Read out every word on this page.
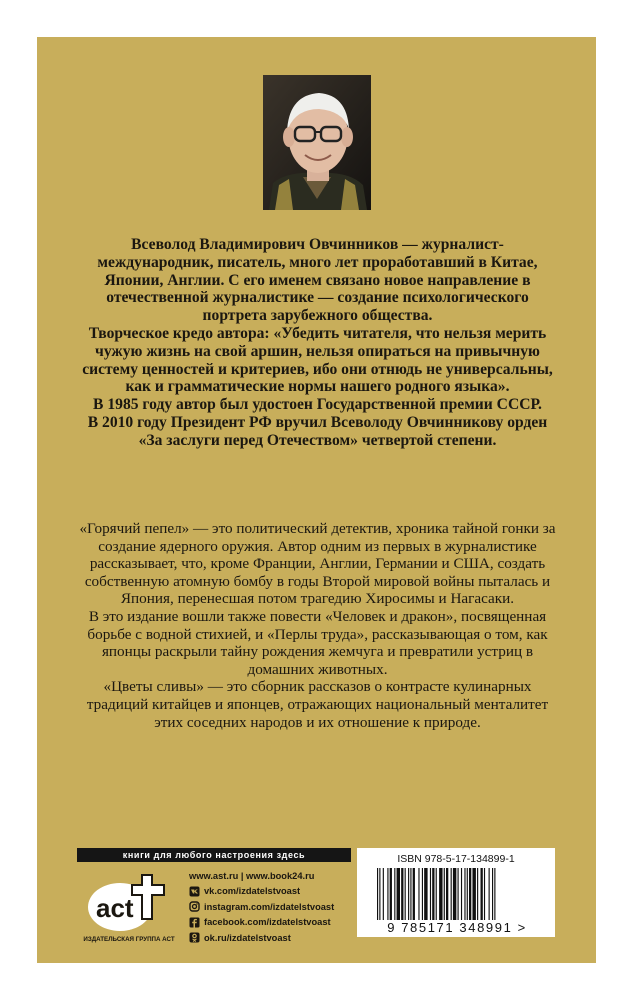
Всеволод Владимирович Овчинников — журналист-международник, писатель, много лет проработавший в Китае, Японии, Англии. С его именем связано новое направление в отечественной журналистике — создание психологического портрета зарубежного общества.

Творческое кредо автора: «Убедить читателя, что нельзя мерить чужую жизнь на свой аршин, нельзя опираться на привычную систему ценностей и критериев, ибо они отнюдь не универсальны, как и грамматические нормы нашего родного языка».

В 1985 году автор был удостоен Государственной премии СССР.

В 2010 году Президент РФ вручил Всеволоду Овчинникову орден «За заслуги перед Отечеством» четвертой степени.

«Горячий пепел» — это политический детектив, хроника тайной гонки за создание ядерного оружия. Автор одним из первых в журналистике рассказывает, что, кроме Франции, Англии, Германии и США, создать собственную атомную бомбу в годы Второй мировой войны пыталась и Япония, перенесшая потом трагедию Хиросимы и Нагасаки.

В это издание вошли также повести «Человек и дракон», посвященная борьбе с водной стихией, и «Перлы труда», рассказывающая о том, как японцы раскрыли тайну рождения жемчуга и превратили устриц в домашних животных.

«Цветы сливы» — это сборник рассказов о контрасте кулинарных традиций китайцев и японцев, отражающих национальный менталитет этих соседних народов и их отношение к природе.

книги для любого настроения здесь
act
ИЗДАТЕЛЬСКАЯ ГРУППА АСТ
www.ast.ru | www.book24.ru
vk.com/izdatelstvoast
instagram.com/izdatelstvoast
facebook.com/izdatelstvoast
ok.ru/izdatelstvoast
ISBN 978-5-17-134899-1
9 785171 348991 >
